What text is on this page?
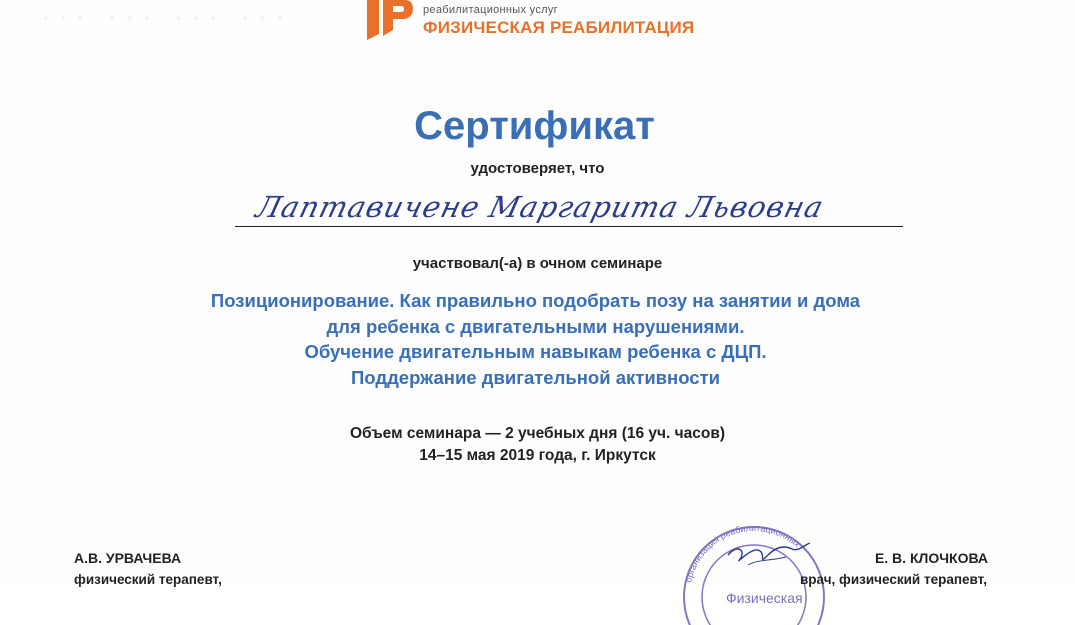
··· ··· ··· ···	реабилитационных услуг
ФИЗИЧЕСКАЯ РЕАБИЛИТАЦИЯ
Сертификат
удостоверяет, что
Лаптавичене Маргарита Львовна
участвовал(-а) в очном семинаре
Позиционирование. Как правильно подобрать позу на занятии и дома
для ребенка с двигательными нарушениями.
Обучение двигательным навыкам ребенка с ДЦП.
Поддержание двигательной активности
Объем семинара — 2 учебных дня (16 уч. часов)
14–15 мая 2019 года, г. Иркутск
организация реабилитационных
Физическая
А.В. УРВАЧЕВА
физический терапевт,
Е. В. КЛОЧКОВА
врач, физический терапевт,
